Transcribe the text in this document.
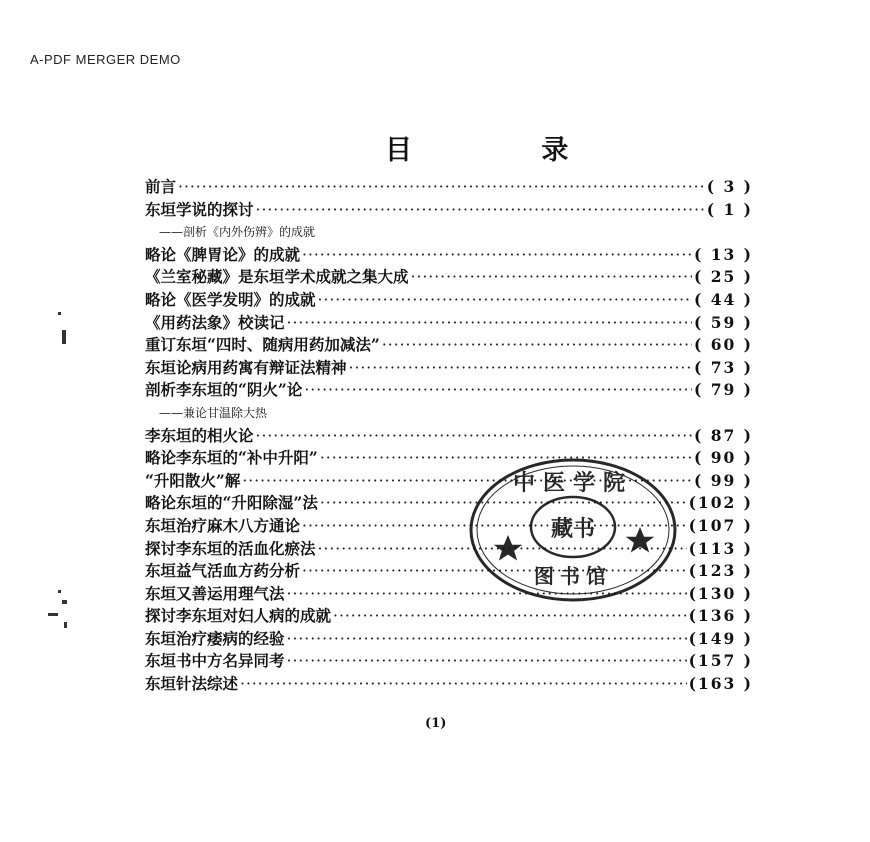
A-PDF MERGER DEMO
目 录
前言 ·····	( 3 )
东垣学说的探讨 ·····	( 1 )
——剖析《内外伤辨》的成就
略论《脾胃论》的成就 ·····	( 13 )
《兰室秘藏》是东垣学术成就之集大成 ·····	( 25 )
略论《医学发明》的成就 ·····	( 44 )
《用药法象》校读记 ·····	( 59 )
重订东垣“四时、随病用药加减法” ·····	( 60 )
东垣论病用药寓有辩证法精神 ·····	( 73 )
剖析李东垣的“阴火”论 ·····	( 79 )
——兼论甘温除大热
李东垣的相火论 ·····	( 87 )
略论李东垣的“补中升阳” ·····	( 90 )
“升阳散火”解 ·····	( 99 )
略论东垣的“升阳除湿”法 ·····	(102 )
东垣治疗麻木八方通论 ·····	(107 )
探讨李东垣的活血化瘀法 ·····	(113 )
东垣益气活血方药分析 ·····	(123 )
东垣又善运用理气法 ·····	(130 )
探讨李东垣对妇人病的成就 ·····	(136 )
东垣治疗痿病的经验 ·····	(149 )
东垣书中方名异同考 ·····	(157 )
东垣针法综述 ·····	(163 )
中医学院
藏书
图书馆
(1)
